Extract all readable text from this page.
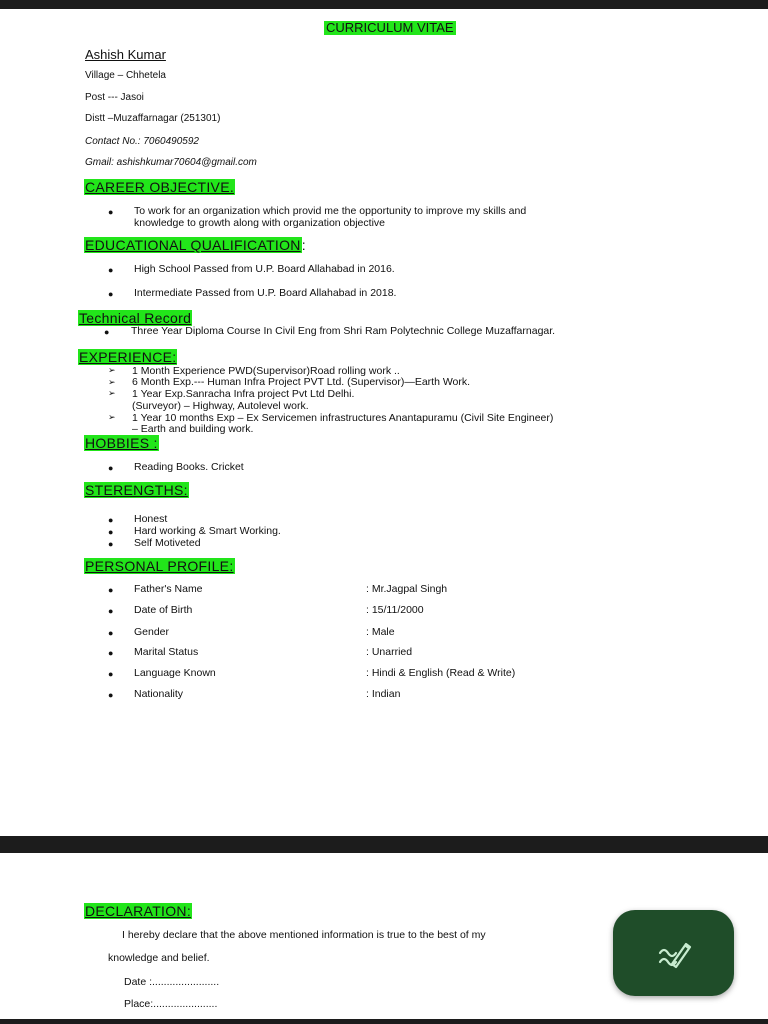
CURRICULUM VITAE
Ashish Kumar
Village – Chhetela
Post --- Jasoi
Distt –Muzaffarnagar (251301)
Contact No.: 7060490592
Gmail: ashishkumar70604@gmail.com
CAREER OBJECTIVE.
● To work for an organization which provid me the opportunity to improve my skills and
knowledge to growth along with organization objective
EDUCATIONAL QUALIFICATION:
● High School Passed from U.P. Board Allahabad in 2016.
● Intermediate Passed from U.P. Board Allahabad in 2018.
Technical Record
● Three Year Diploma Course In Civil Eng from Shri Ram Polytechnic College Muzaffarnagar.
EXPERIENCE:
➢ 1 Month Experience PWD(Supervisor)Road rolling work ..
➢ 6 Month Exp.--- Human Infra Project PVT Ltd. (Supervisor)—Earth Work.
➢ 1 Year Exp.Sanracha Infra project Pvt Ltd Delhi.
(Surveyor) – Highway, Autolevel work.
➢ 1 Year 10 months Exp – Ex Servicemen infrastructures Anantapuramu (Civil Site Engineer)
– Earth and building work.
HOBBIES :
● Reading Books. Cricket
STERENGTHS:
● Honest
● Hard working & Smart Working.
● Self Motiveted
PERSONAL PROFILE:
● Father's Name	: Mr.Jagpal Singh
● Date of Birth	: 15/11/2000
● Gender	: Male
● Marital Status	: Unarried
● Language Known	: Hindi & English (Read & Write)
● Nationality	: Indian
DECLARATION:
I hereby declare that the above mentioned information is true to the best of my
knowledge and belief.
Date :.......................
Place:......................
